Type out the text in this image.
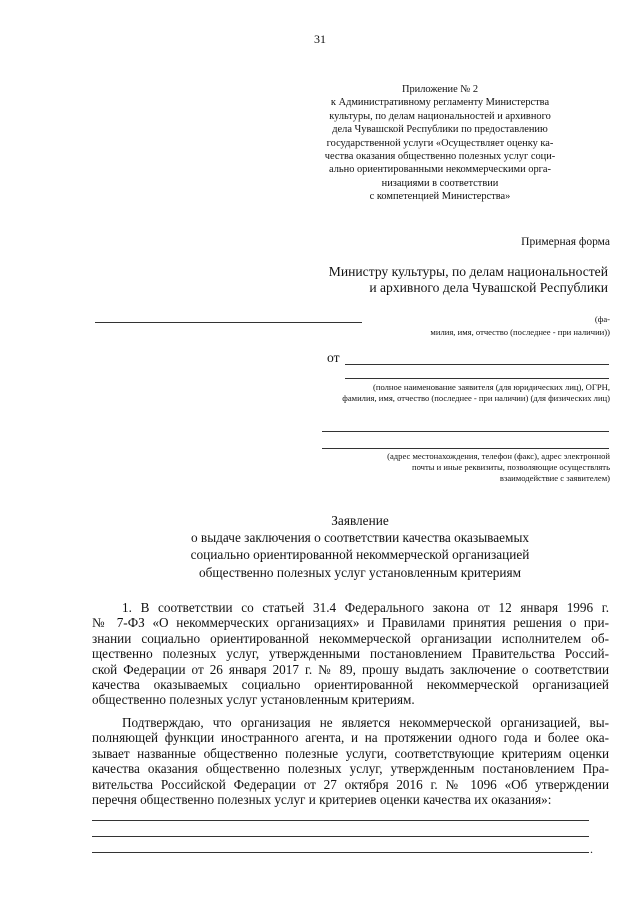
31
Приложение № 2
к Административному регламенту Министерства
культуры, по делам национальностей и архивного
дела Чувашской Республики по предоставлению
государственной услуги «Осуществляет оценку ка-
чества оказания общественно полезных услуг соци-
ально ориентированными некоммерческими орга-
низациями в соответствии
с компетенцией Министерства»
Примерная форма
Министру культуры, по делам национальностей
и архивного дела Чувашской Республики
(фа-
милия, имя, отчество (последнее - при наличии))
от
(полное наименование заявителя (для юридических лиц), ОГРН,
фамилия, имя, отчество (последнее - при наличии) (для физических лиц)
(адрес местонахождения, телефон (факс), адрес электронной
почты и иные реквизиты, позволяющие осуществлять
взаимодействие с заявителем)
Заявление
о выдаче заключения о соответствии качества оказываемых
социально ориентированной некоммерческой организацией
общественно полезных услуг установленным критериям
1. В соответствии со статьей 31.4 Федерального закона от 12 января 1996 г.
№ 7-ФЗ «О некоммерческих организациях» и Правилами принятия решения о при-
знании социально ориентированной некоммерческой организации исполнителем об-
щественно полезных услуг, утвержденными постановлением Правительства Россий-
ской Федерации от 26 января 2017 г. № 89, прошу выдать заключение о соответствии
качества оказываемых социально ориентированной некоммерческой организацией
общественно полезных услуг установленным критериям.
Подтверждаю, что организация не является некоммерческой организацией, вы-
полняющей функции иностранного агента, и на протяжении одного года и более ока-
зывает названные общественно полезные услуги, соответствующие критериям оценки
качества оказания общественно полезных услуг, утвержденным постановлением Пра-
вительства Российской Федерации от 27 октября 2016 г. № 1096 «Об утверждении
перечня общественно полезных услуг и критериев оценки качества их оказания»:
.
